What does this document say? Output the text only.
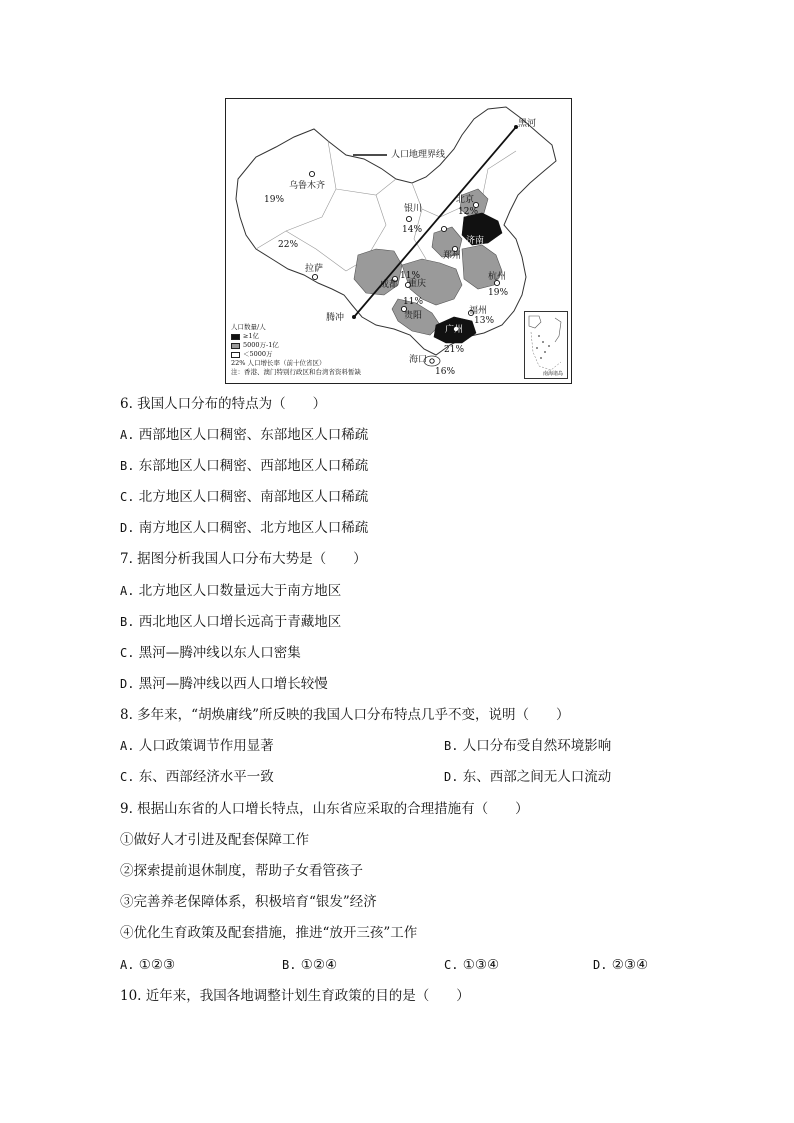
人口地理界线
黑河
腾冲
乌鲁木齐
拉萨
银川
北京
济南
郑州
成都 重庆
贵阳
杭州
福州
广州
海口
19%
22%
14%
12%
11%
11%
19%
13%
21%
16%
人口数量/人
≥1亿
5000万-1亿
＜5000万
22% 人口增长率（前十位省区）
注：香港、澳门特别行政区和台湾省资料暂缺	南海诸岛
6. 我国人口分布的特点为（　　）
A. 西部地区人口稠密、东部地区人口稀疏
B. 东部地区人口稠密、西部地区人口稀疏
C. 北方地区人口稠密、南部地区人口稀疏
D. 南方地区人口稠密、北方地区人口稀疏
7. 据图分析我国人口分布大势是（　　）
A. 北方地区人口数量远大于南方地区
B. 西北地区人口增长远高于青藏地区
C. 黑河—腾冲线以东人口密集
D. 黑河—腾冲线以西人口增长较慢
8. 多年来，“胡焕庸线”所反映的我国人口分布特点几乎不变，说明（　　）
A. 人口政策调节作用显著	B. 人口分布受自然环境影响
C. 东、西部经济水平一致	D. 东、西部之间无人口流动
9. 根据山东省的人口增长特点，山东省应采取的合理措施有（　　）
①做好人才引进及配套保障工作
②探索提前退休制度，帮助子女看管孩子
③完善养老保障体系，积极培育“银发”经济
④优化生育政策及配套措施，推进“放开三孩”工作
A. ①②③	B. ①②④	C. ①③④	D. ②③④
10. 近年来，我国各地调整计划生育政策的目的是（　　）
